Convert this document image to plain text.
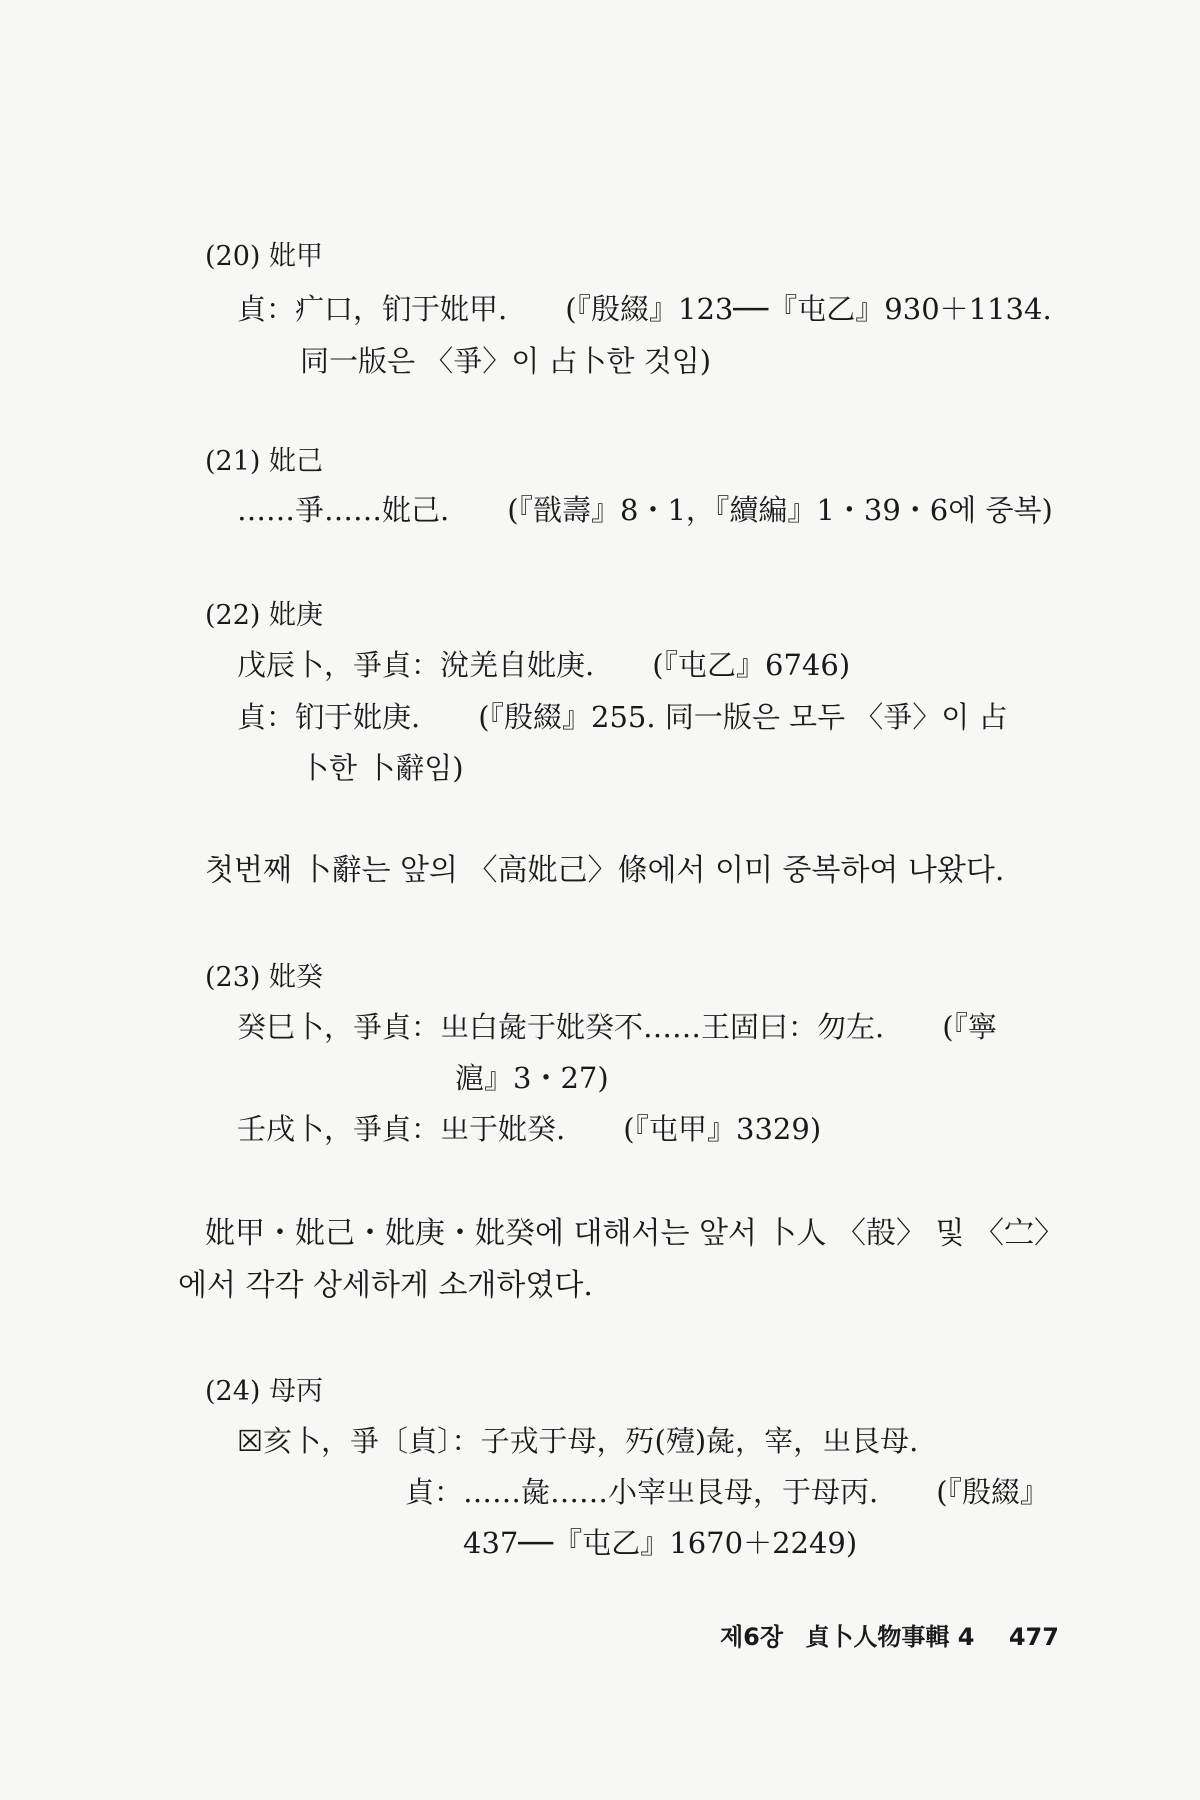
(20) 妣甲
貞：疒口，钔于妣甲.　　(『殷綴』123──『屯乙』930＋1134.
同一版은 〈爭〉이 占卜한 것임)
(21) 妣己
……爭……妣己.　　(『戩壽』8・1，『續編』1・39・6에 중복)
(22) 妣庚
戊辰卜，爭貞：涗羌自妣庚.　　(『屯乙』6746)
貞：钔于妣庚.　　(『殷綴』255. 同一版은 모두 〈爭〉이 占
卜한 卜辭임)
첫번째 卜辭는 앞의 〈高妣己〉條에서 이미 중복하여 나왔다.
(23) 妣癸
癸巳卜，爭貞：㞢白彘于妣癸不……王固曰：勿左.　　(『寧
滬』3・27)
壬戌卜，爭貞：㞢于妣癸.　　(『屯甲』3329)
妣甲・妣己・妣庚・妣癸에 대해서는 앞서 卜人 〈㱿〉 및 〈㝉〉
에서 각각 상세하게 소개하였다.
(24) 母丙
☒亥卜，爭〔貞〕：子戎于母，㱙(殪)彘，宰，㞢艮母.
貞：……彘……小宰㞢艮母，于母丙.　　(『殷綴』
437──『屯乙』1670＋2249)
제6장 貞卜人物事輯 4 477
